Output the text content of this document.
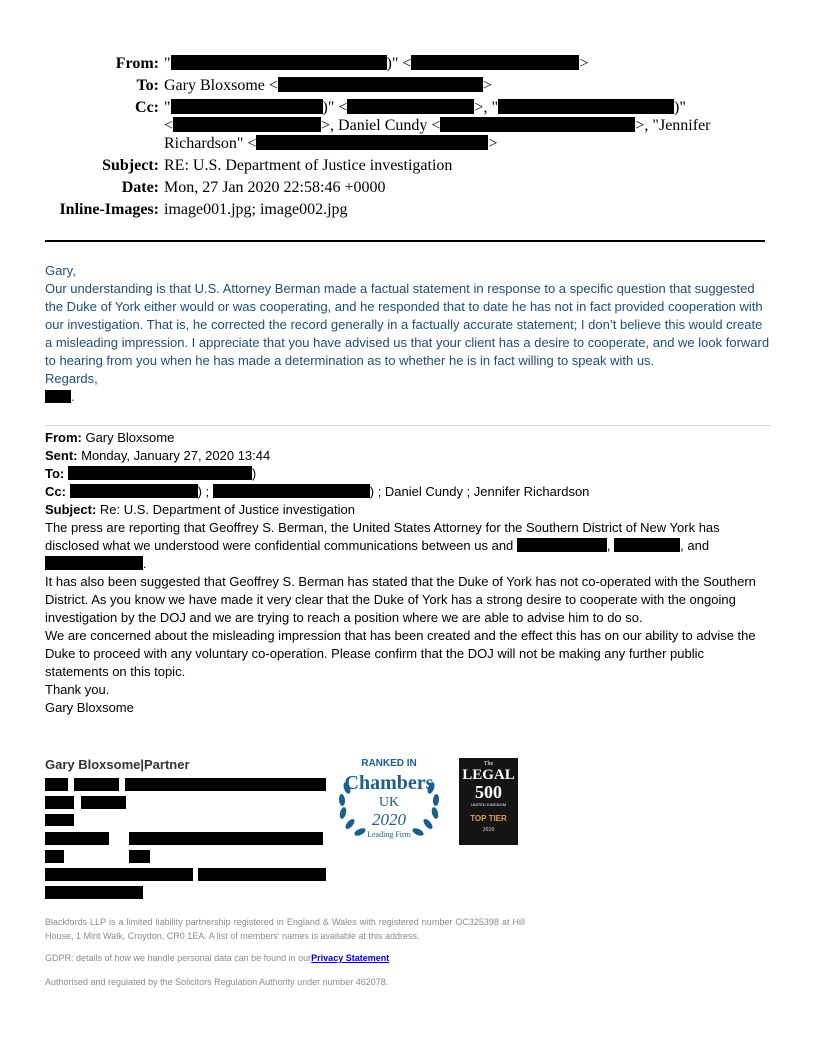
From: "	)" <	>
To: Gary Bloxsome <	>
Cc: "	)" <	>, "	)"
<	>, Daniel Cundy <	>, "Jennifer
Richardson" <	>
Subject: RE: U.S. Department of Justice investigation
Date: Mon, 27 Jan 2020 22:58:46 +0000
Inline-Images: image001.jpg; image002.jpg
Gary,
Our understanding is that U.S. Attorney Berman made a factual statement in response to a specific question that suggested the Duke of York either would or was cooperating, and he responded that to date he has not in fact provided cooperation with our investigation. That is, he corrected the record generally in a factually accurate statement; I don’t believe this would create a misleading impression. I appreciate that you have advised us that your client has a desire to cooperate, and we look forward to hearing from you when he has made a determination as to whether he is in fact willing to speak with us.
Regards,
.
From: Gary Bloxsome
Sent: Monday, January 27, 2020 13:44
To:	)
Cc:	) ;	) ; Daniel Cundy ; Jennifer Richardson
Subject: Re: U.S. Department of Justice investigation
The press are reporting that Geoffrey S. Berman, the United States Attorney for the Southern District of New York has disclosed what we understood were confidential communications between us and	,	, and .
It has also been suggested that Geoffrey S. Berman has stated that the Duke of York has not co-operated with the Southern District. As you know we have made it very clear that the Duke of York has a strong desire to cooperate with the ongoing investigation by the DOJ and we are trying to reach a position where we are able to advise him to do so.
We are concerned about the misleading impression that has been created and the effect this has on our ability to advise the Duke to proceed with any voluntary co-operation. Please confirm that the DOJ will not be making any further public statements on this topic.
Thank you.
Gary Bloxsome
Gary Bloxsome|Partner	RANKED IN
Chambers
UK
2020
Leading Firm
The
LEGAL
500
UNITED KINGDOM
TOP TIER
2020
Blackfords LLP is a limited liability partnership registered in England & Wales with registered number OC325398 at Hill House, 1 Mint Walk, Croydon, CR0 1EA. A list of members' names is available at this address.
GDPR: details of how we handle personal data can be found in ourPrivacy Statement
Authorised and regulated by the Solicitors Regulation Authority under number 462078.
